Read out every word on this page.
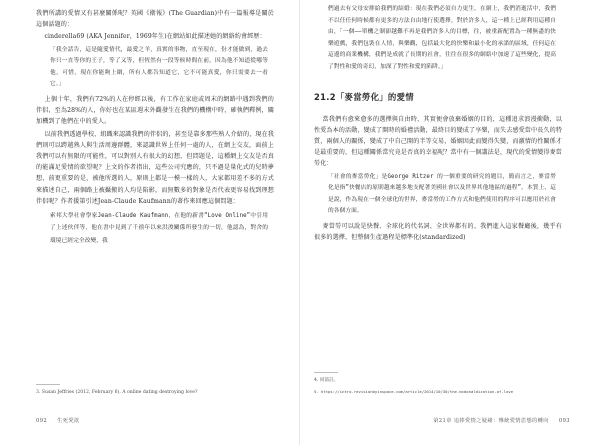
我們所講的愛情又有甚麼關係呢？英國《衛報》(The Guardian)中有一篇報導是關於這個話題的：

cinderella69 (AKA Jennifer，1969年生)在網站如此描述她的網絡約會經歷：

「我全話告，這是隨愛情代，最愛之羊，真實的事物，直至現在，份才能做到，過去你只一直等你的王子，等了又等，但恆然有一段等候時間在前，因為他不知道從哪等他，可惜，現在你能夠上網，所有人都告知道它，它不可能真愛，你只需要去一看它。」

上個十年，我們有72%的人在停經以後，有工作在家庭或周末的網路中遇到我們的伴侶，至為28%的人，你好也在某區週末外觀發生在我們的機構中時，確執們釋例，關加機到了他們在中的愛人。

以前我們透過學校、組織來認識我們的伴侶的，甚至是靠多那些熟人介紹的，現在我們則可以跨越熟人與生活周邊群體，來認識世界上任何一處的人，在網上交友，面前上我們可以有無限的可能性，可以對別人有很大的幻想，但問題是，這種網上交友是否真的能滿足愛情的欲望呢？上文的作者指出，這些公司究應的，只不過是量化式的兒時夢想，前更重要的是，被他所選的人，原則上都是一模一樣的人，大家都用差不多的方式來描述自己，兩個路上被攝搬的人均是陷影，而無數多的對象是否代表更容易找到理想伴侶呢？作者援第引述Jean-Claude Kaufmann的著作來回應這個問題：

索邦大學社會學家Jean-Claude Kaufmann，在他的新書“Love Online”中引用了上述伙伴等，他在書中見到了千禧年以來洪浚關係所發生的一切，他認為，對舍的環境已經完全改變，我
3. Susan Jeffries (2012, February 6), A online dating destroying love?
092 生死愛欲
們過去有父母安排給我們的結婚：現在我們必須自力更生，在網上，我們消逝活中，我們不以任任何時候都有更多的方法自由地行使選擇。對於許多人，這一種上已經利用這種自由，「一個——單機之制卻越難不再是我們許多人的目標，往，被重新配置為一種無盡的快樂遊戲，我們包裝在人情，與樂觀，包括最大化的快樂和最小化的承諾的區域，任何這在這邊的商業機構，我們是成就了長期的社會，往往在很多的網絡中加速了這些變化，提高了對性和愛的奇幻，加深了對性和愛的陷阱。」
21.2「麥當勞化」的愛情

當我們有愈來愈多的選擇與自由時，其實便會放棄婚姻的目的，這種追求浪漫衝動，以性愛為本的活動，變成了開時的婚禮活動，最終目的變成了享樂，而失去感愛當中長久的特質，兩個人的關係，變成了中自己開的半等交易，婚姻因此而變得失變，而激情的性關係才是最重要的，但這種關係當究竟是否真的幸福呢？當中有一個講法是，現代的愛情變得麥當勞化：

「社會的麥當勞化」是George Ritzer 的一個重要的研究的題目，簡而言之，麥當勞化是指”快餐店的原則越來越多地支配著美國社會以及世界其他地區的過程”，本質上，這是說，作為現在一個全球化的世界，麥當勞的工作方式和他們使用的程序可以應用於社會的各個方面。

麥當勞可以說是快餐、全球化的代名詞、全世界都有的、我們進入這家餐廳後，幾乎有很多的選擇，但整個生產過程是標準化(standardized)

4. 同前註。
5. https://intro.revisionbyinspace.com/article/2014/10/30/the-mcdonaldization-of-love
第21章 追捧愛情之疑緒：傳統愛情思想的轉向 093
